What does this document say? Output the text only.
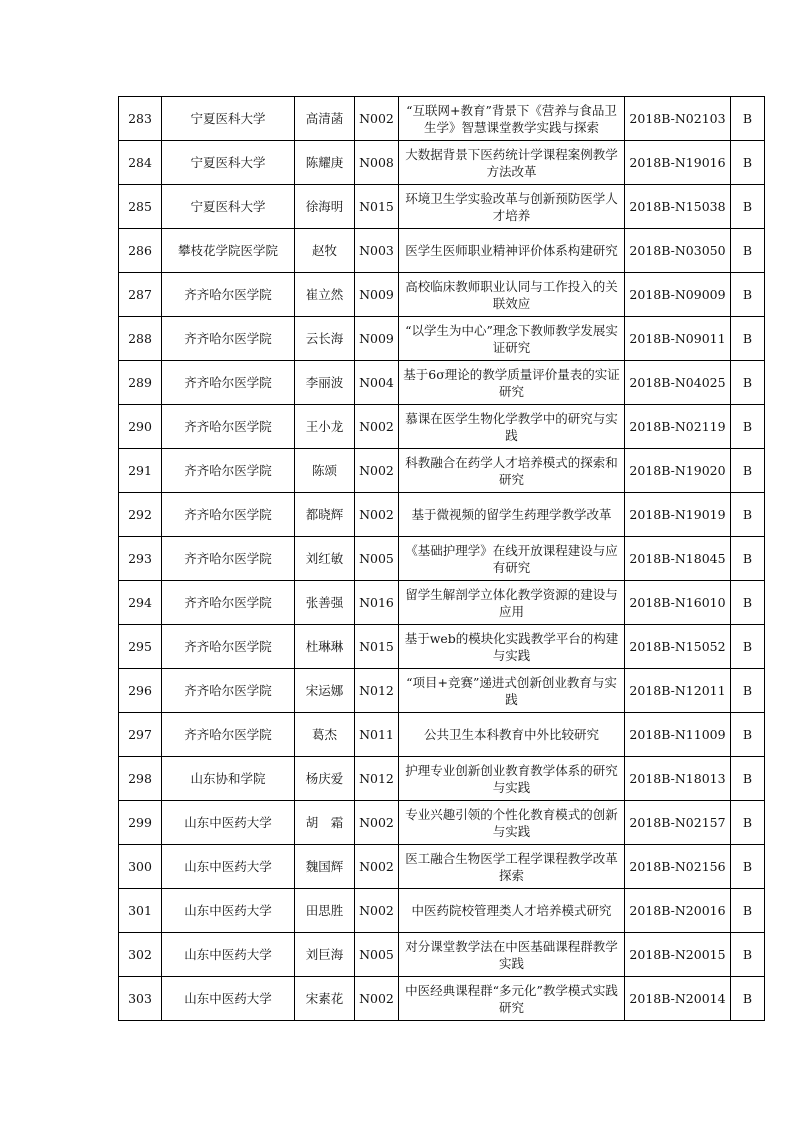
283	宁夏医科大学	高清菡	N002	“互联网+教育”背景下《营养与食品卫生学》智慧课堂教学实践与探索	2018B-N02103	B
284	宁夏医科大学	陈耀庚	N008	大数据背景下医药统计学课程案例教学方法改革	2018B-N19016	B
285	宁夏医科大学	徐海明	N015	环境卫生学实验改革与创新预防医学人才培养	2018B-N15038	B
286	攀枝花学院医学院	赵牧	N003	医学生医师职业精神评价体系构建研究	2018B-N03050	B
287	齐齐哈尔医学院	崔立然	N009	高校临床教师职业认同与工作投入的关联效应	2018B-N09009	B
288	齐齐哈尔医学院	云长海	N009	“以学生为中心”理念下教师教学发展实证研究	2018B-N09011	B
289	齐齐哈尔医学院	李丽波	N004	基于6σ理论的教学质量评价量表的实证研究	2018B-N04025	B
290	齐齐哈尔医学院	王小龙	N002	慕课在医学生物化学教学中的研究与实践	2018B-N02119	B
291	齐齐哈尔医学院	陈颂	N002	科教融合在药学人才培养模式的探索和研究	2018B-N19020	B
292	齐齐哈尔医学院	都晓辉	N002	基于微视频的留学生药理学教学改革	2018B-N19019	B
293	齐齐哈尔医学院	刘红敏	N005	《基础护理学》在线开放课程建设与应有研究	2018B-N18045	B
294	齐齐哈尔医学院	张善强	N016	留学生解剖学立体化教学资源的建设与应用	2018B-N16010	B
295	齐齐哈尔医学院	杜琳琳	N015	基于web的模块化实践教学平台的构建与实践	2018B-N15052	B
296	齐齐哈尔医学院	宋运娜	N012	“项目+竞赛”递进式创新创业教育与实践	2018B-N12011	B
297	齐齐哈尔医学院	葛杰	N011	公共卫生本科教育中外比较研究	2018B-N11009	B
298	山东协和学院	杨庆爱	N012	护理专业创新创业教育教学体系的研究与实践	2018B-N18013	B
299	山东中医药大学	胡　霜	N002	专业兴趣引领的个性化教育模式的创新与实践	2018B-N02157	B
300	山东中医药大学	魏国辉	N002	医工融合生物医学工程学课程教学改革探索	2018B-N02156	B
301	山东中医药大学	田思胜	N002	中医药院校管理类人才培养模式研究	2018B-N20016	B
302	山东中医药大学	刘巨海	N005	对分课堂教学法在中医基础课程群教学实践	2018B-N20015	B
303	山东中医药大学	宋素花	N002	中医经典课程群“多元化”教学模式实践研究	2018B-N20014	B
